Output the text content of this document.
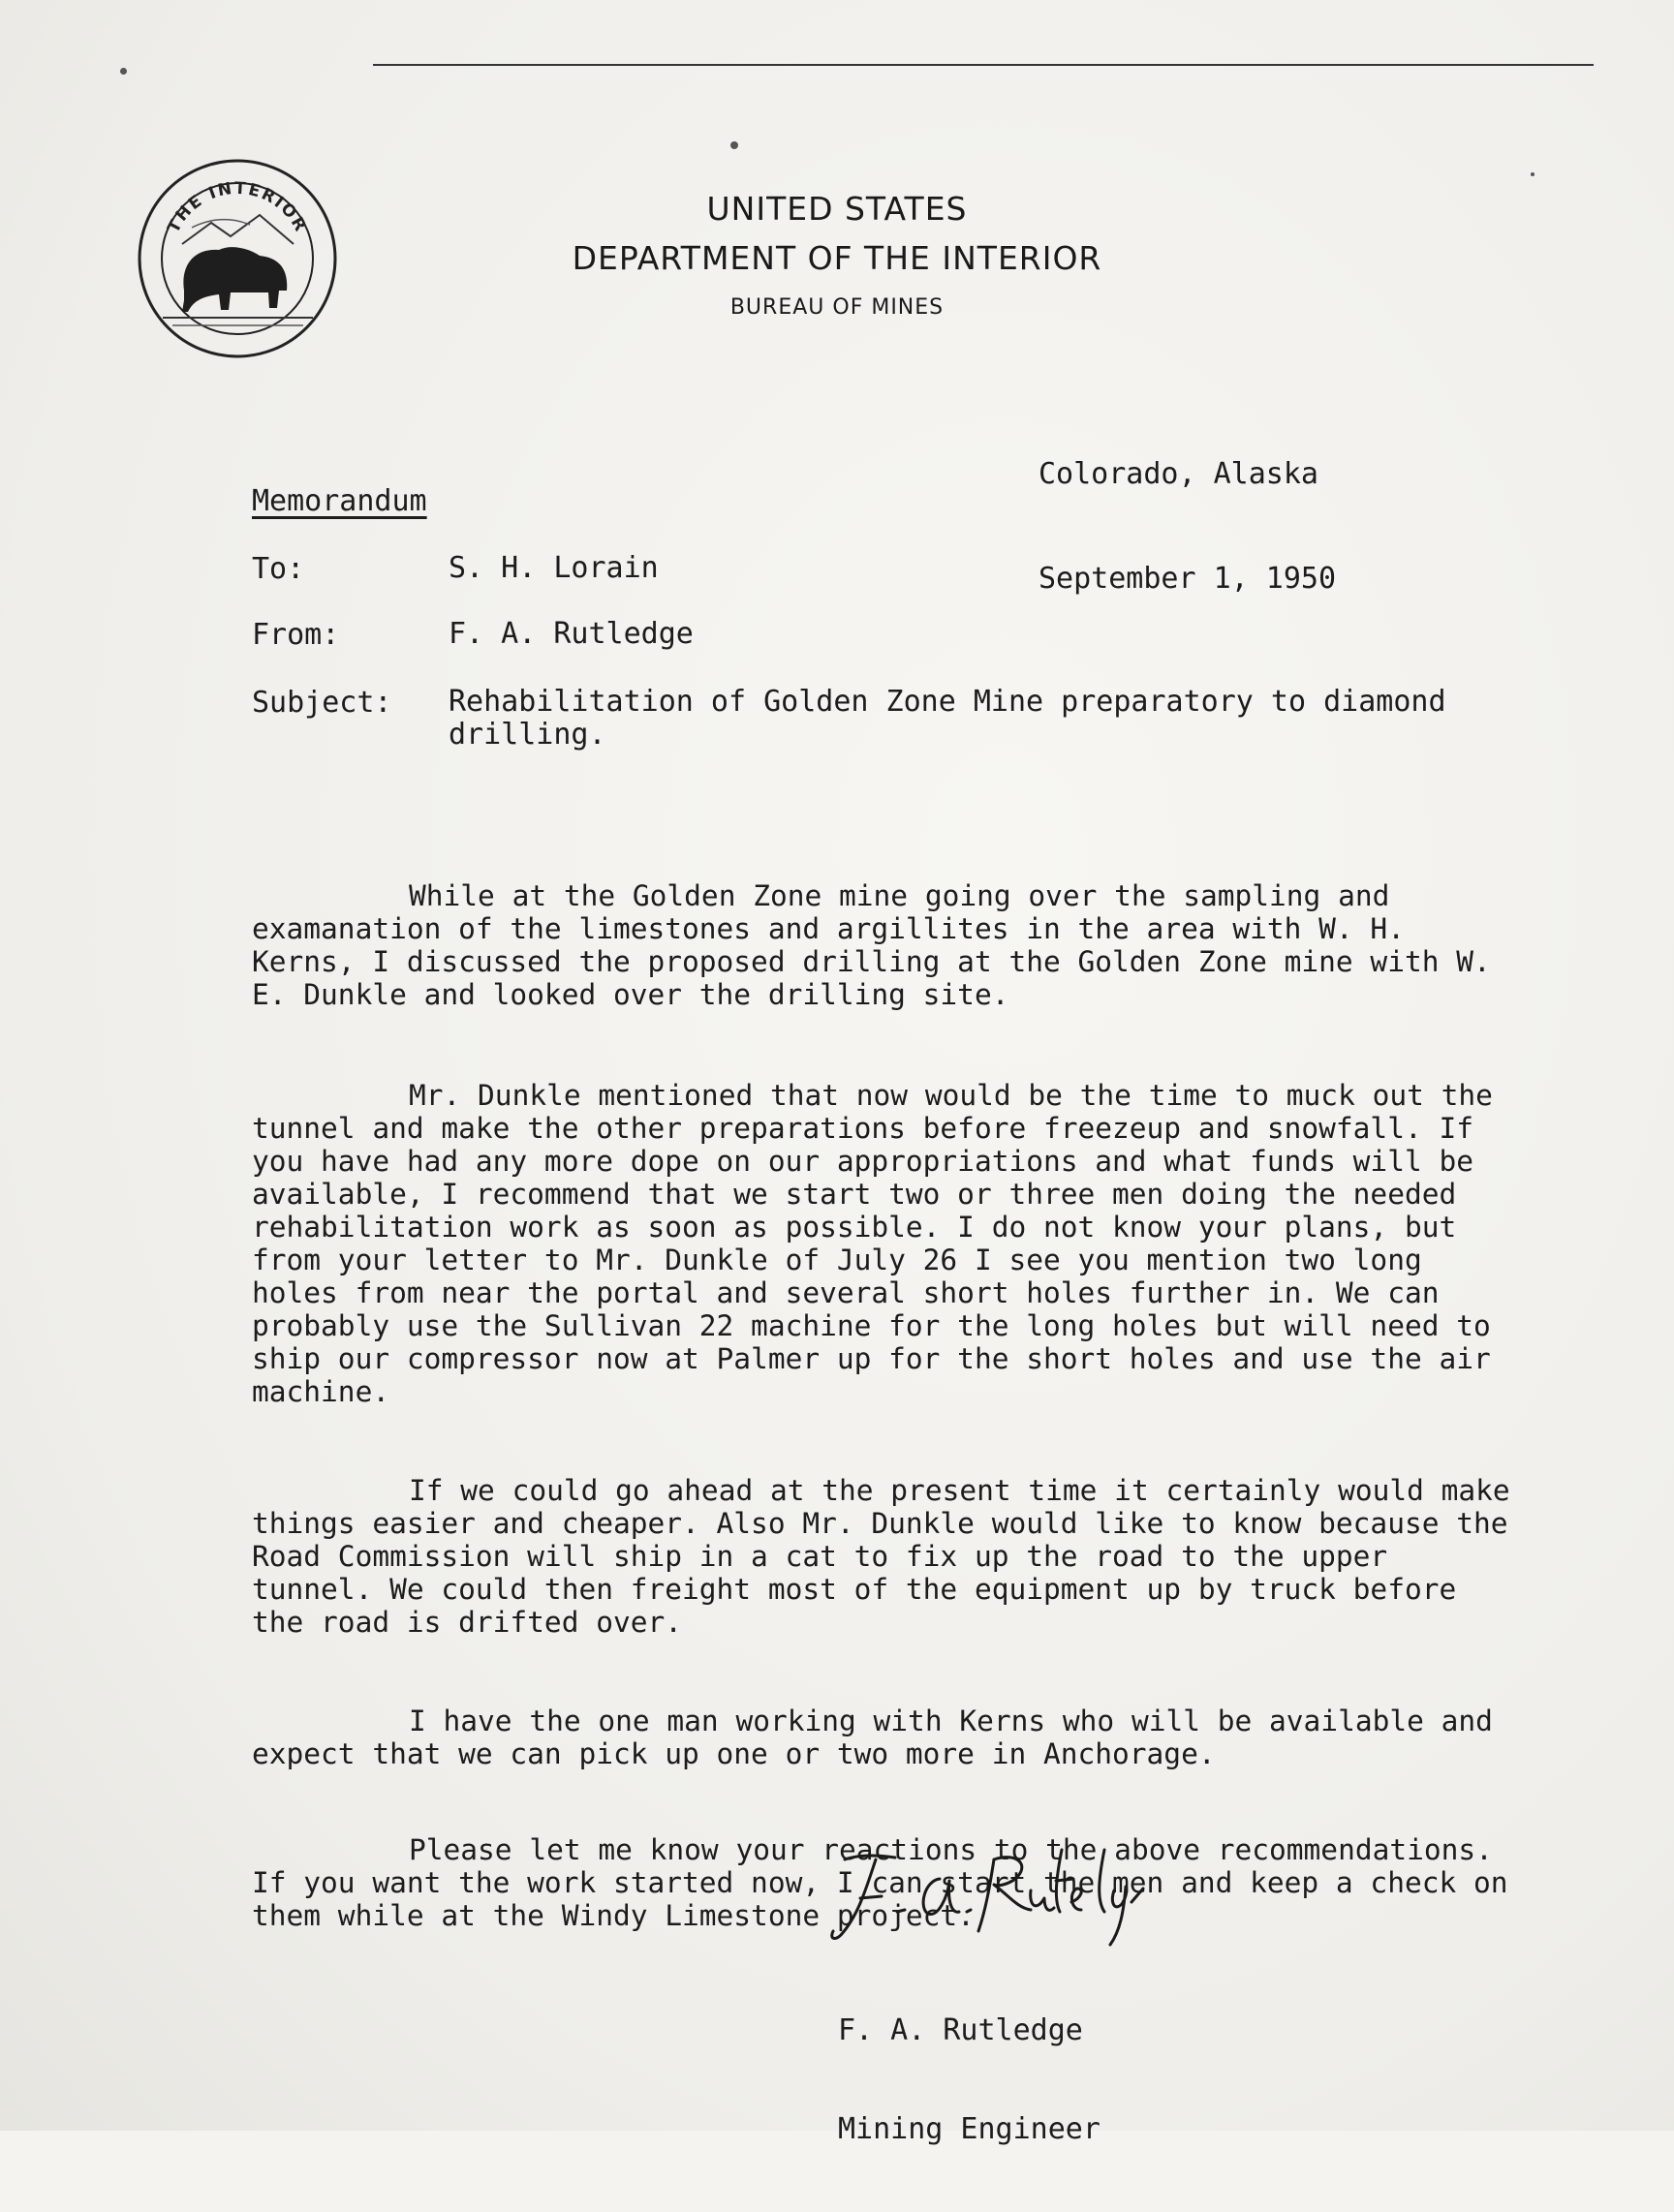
THE INTERIOR	UNITED STATES
DEPARTMENT OF THE INTERIOR
BUREAU OF MINES

Colorado, Alaska

September 1, 1950

Memorandum

To:

	S. H. Lorain

From:

	F. A. Rutledge

Subject:

Rehabilitation of Golden Zone Mine preparatory to diamond drilling.

While at the Golden Zone mine going over the sampling and examanation of the limestones and argillites in the area with W. H. Kerns, I discussed the proposed drilling at the Golden Zone mine with W. E. Dunkle and looked over the drilling site.

Mr. Dunkle mentioned that now would be the time to muck out the tunnel and make the other preparations before freezeup and snowfall. If you have had any more dope on our appropriations and what funds will be available, I recommend that we start two or three men doing the needed rehabilitation work as soon as possible. I do not know your plans, but from your letter to Mr. Dunkle of July 26 I see you mention two long holes from near the portal and several short holes further in. We can probably use the Sullivan 22 machine for the long holes but will need to ship our compressor now at Palmer up for the short holes and use the air machine.

If we could go ahead at the present time it certainly would make things easier and cheaper. Also Mr. Dunkle would like to know because the Road Commission will ship in a cat to fix up the road to the upper tunnel. We could then freight most of the equipment up by truck before the road is drifted over.

I have the one man working with Kerns who will be available and expect that we can pick up one or two more in Anchorage.

Please let me know your reactions to the above recommendations. If you want the work started now, I can start the men and keep a check on them while at the Windy Limestone project.

F. A. Rutledge

Mining Engineer
